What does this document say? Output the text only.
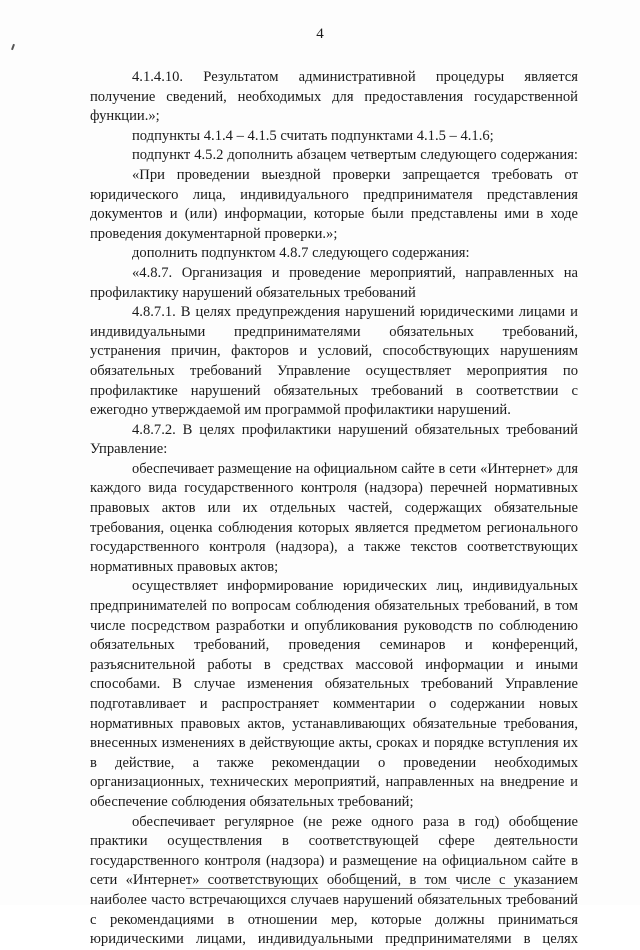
4
4.1.4.10. Результатом административной процедуры является
получение сведений, необходимых для предоставления государственной
функции.»;
подпункты 4.1.4 – 4.1.5 считать подпунктами 4.1.5 – 4.1.6;
подпункт 4.5.2 дополнить абзацем четвертым следующего содержания:
«При проведении выездной проверки запрещается требовать от
юридического лица, индивидуального предпринимателя представления
документов и (или) информации, которые были представлены ими в ходе
проведения документарной проверки.»;
дополнить подпунктом 4.8.7 следующего содержания:
«4.8.7. Организация и проведение мероприятий, направленных на
профилактику нарушений обязательных требований
4.8.7.1. В целях предупреждения нарушений юридическими лицами и
индивидуальными предпринимателями обязательных требований,
устранения причин, факторов и условий, способствующих нарушениям
обязательных требований Управление осуществляет мероприятия по
профилактике нарушений обязательных требований в соответствии с
ежегодно утверждаемой им программой профилактики нарушений.
4.8.7.2. В целях профилактики нарушений обязательных требований
Управление:
обеспечивает размещение на официальном сайте в сети «Интернет» для
каждого вида государственного контроля (надзора) перечней нормативных
правовых актов или их отдельных частей, содержащих обязательные
требования, оценка соблюдения которых является предметом регионального
государственного контроля (надзора), а также текстов соответствующих
нормативных правовых актов;
осуществляет информирование юридических лиц, индивидуальных
предпринимателей по вопросам соблюдения обязательных требований, в том
числе посредством разработки и опубликования руководств по соблюдению
обязательных требований, проведения семинаров и конференций,
разъяснительной работы в средствах массовой информации и иными
способами. В случае изменения обязательных требований Управление
подготавливает и распространяет комментарии о содержании новых
нормативных правовых актов, устанавливающих обязательные требования,
внесенных изменениях в действующие акты, сроках и порядке вступления их
в действие, а также рекомендации о проведении необходимых
организационных, технических мероприятий, направленных на внедрение и
обеспечение соблюдения обязательных требований;
обеспечивает регулярное (не реже одного раза в год) обобщение
практики осуществления в соответствующей сфере деятельности
государственного контроля (надзора) и размещение на официальном сайте в
сети «Интернет» соответствующих обобщений, в том числе с указанием
наиболее часто встречающихся случаев нарушений обязательных требований
с рекомендациями в отношении мер, которые должны приниматься
юридическими лицами, индивидуальными предпринимателями в целях
